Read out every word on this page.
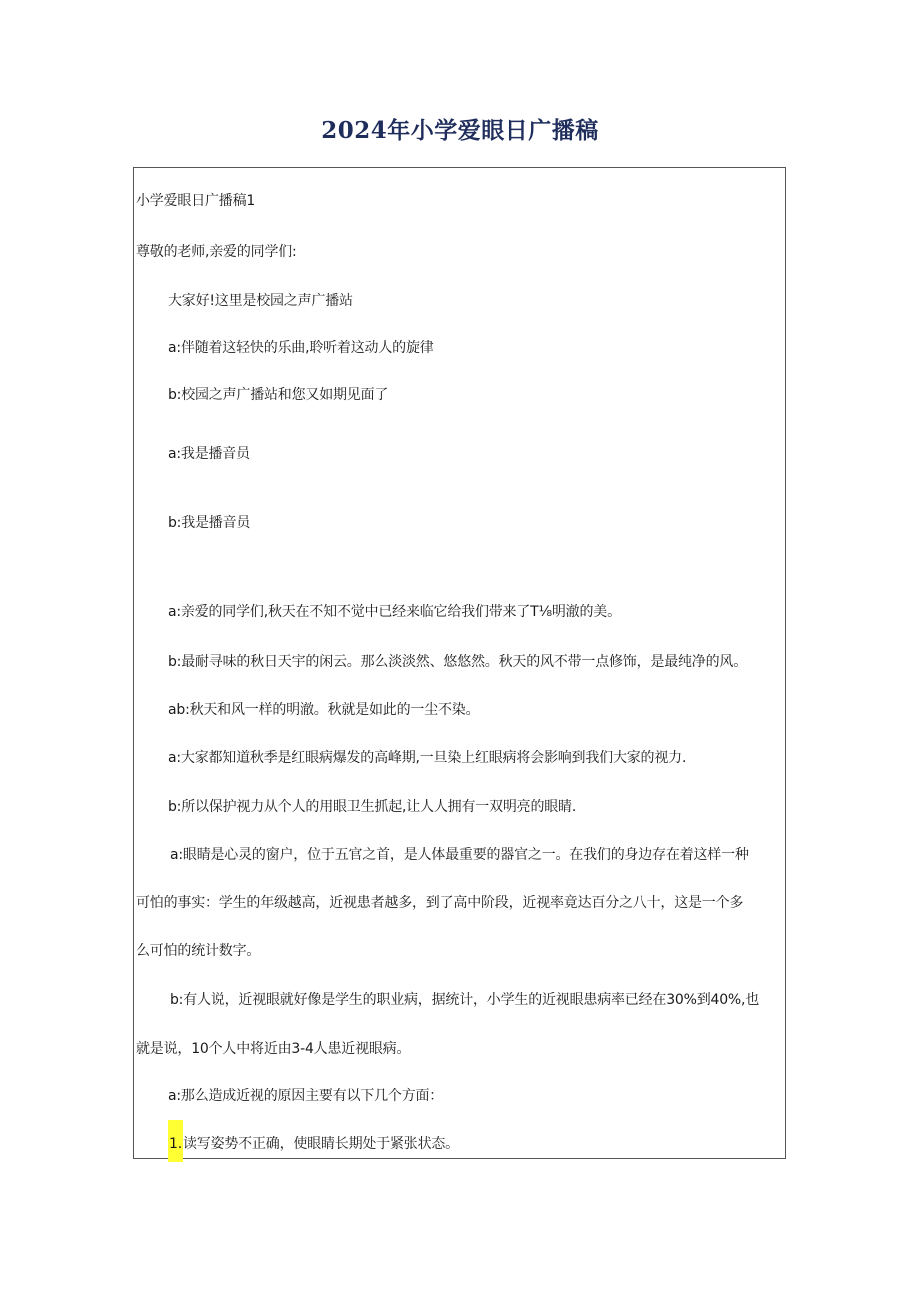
2024年小学爱眼日广播稿
小学爱眼日广播稿1
尊敬的老师,亲爱的同学们:
大家好!这里是校园之声广播站
a:伴随着这轻快的乐曲,聆听着这动人的旋律
b:校园之声广播站和您又如期见面了
a:我是播音员
b:我是播音员
a:亲爱的同学们,秋天在不知不觉中已经来临它给我们带来了T⅛明澈的美。
b:最耐寻味的秋日天宇的闲云。那么淡淡然、悠悠然。秋天的风不带一点修饰，是最纯净的风。
ab:秋天和风一样的明澈。秋就是如此的一尘不染。
a:大家都知道秋季是红眼病爆发的高峰期,一旦染上红眼病将会影响到我们大家的视力.
b:所以保护视力从个人的用眼卫生抓起,让人人拥有一双明亮的眼睛.
a:眼睛是心灵的窗户，位于五官之首，是人体最重要的器官之一。在我们的身边存在着这样一种
可怕的事实：学生的年级越高，近视患者越多，到了高中阶段，近视率竟达百分之八十，这是一个多
么可怕的统计数字。
b:有人说，近视眼就好像是学生的职业病，据统计，小学生的近视眼患病率已经在30%到40%,也
就是说，10个人中将近由3-4人患近视眼病。
a:那么造成近视的原因主要有以下几个方面：
1.读写姿势不正确，使眼睛长期处于紧张状态。
